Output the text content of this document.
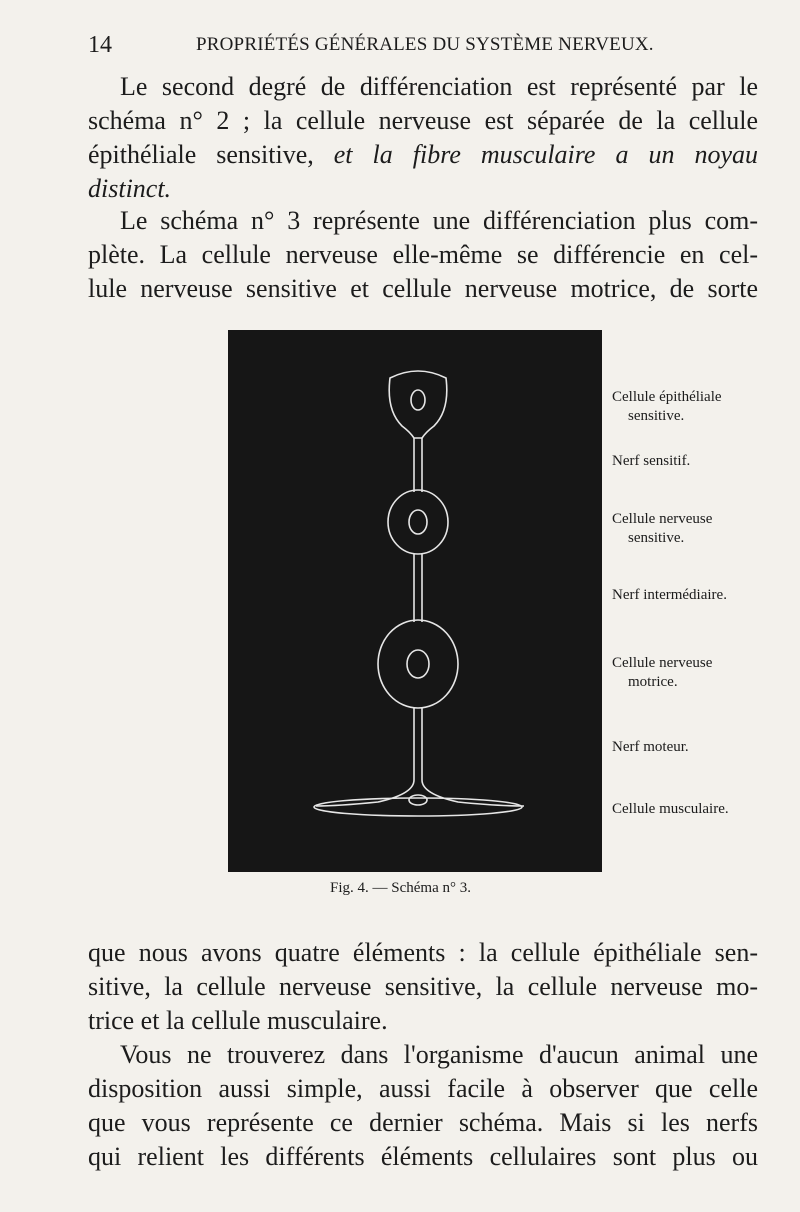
14	PROPRIÉTÉS GÉNÉRALES DU SYSTÈME NERVEUX.

Le second degré de différenciation est représenté par le
schéma n° 2 ; la cellule nerveuse est séparée de la cellule
épithéliale sensitive, et la fibre musculaire a un noyau
distinct.

Le schéma n° 3 représente une différenciation plus com-
plète. La cellule nerveuse elle-même se différencie en cel-
lule nerveuse sensitive et cellule nerveuse motrice, de sorte

Cellule épithéliale
sensitive.
Nerf sensitif.
Cellule nerveuse
sensitive.
Nerf intermédiaire.
Cellule nerveuse
motrice.
Nerf moteur.
Cellule musculaire.
Fig. 4. — Schéma n° 3.

que nous avons quatre éléments : la cellule épithéliale sen-
sitive, la cellule nerveuse sensitive, la cellule nerveuse mo-
trice et la cellule musculaire.

Vous ne trouverez dans l'organisme d'aucun animal une
disposition aussi simple, aussi facile à observer que celle
que vous représente ce dernier schéma. Mais si les nerfs
qui relient les différents éléments cellulaires sont plus ou
